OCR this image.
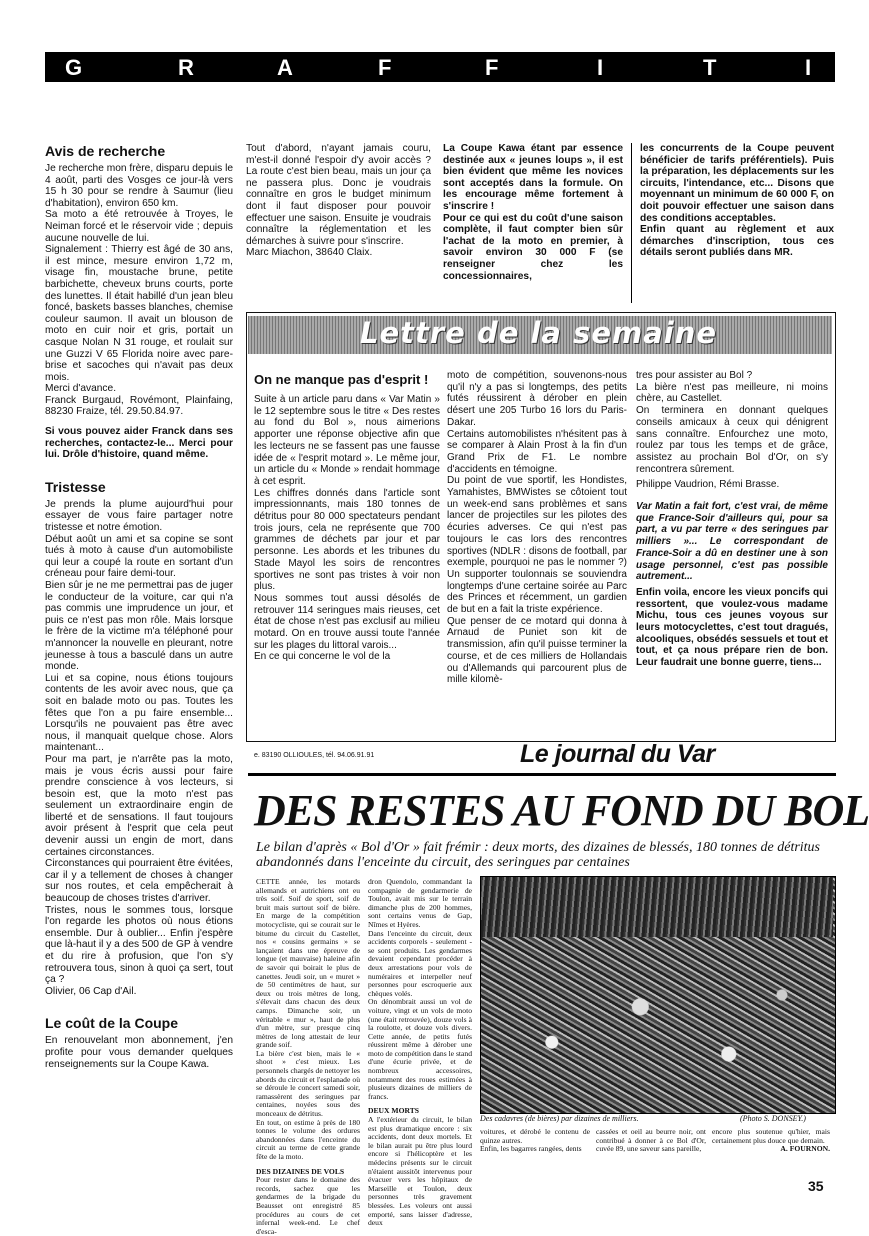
G	R	A	F	F	I	T	I
Avis de recherche

Je recherche mon frère, disparu depuis le 4 août, parti des Vosges ce jour-là vers 15 h 30 pour se rendre à Saumur (lieu d'habitation), environ 650 km.

Sa moto a été retrouvée à Troyes, le Neiman forcé et le réservoir vide ; depuis aucune nouvelle de lui.

Signalement : Thierry est âgé de 30 ans, il est mince, mesure environ 1,72 m, visage fin, moustache brune, petite barbichette, cheveux bruns courts, porte des lunettes. Il était habillé d'un jean bleu foncé, baskets basses blanches, chemise couleur saumon. Il avait un blouson de moto en cuir noir et gris, portait un casque Nolan N 31 rouge, et roulait sur une Guzzi V 65 Florida noire avec pare-brise et sacoches qui n'avait pas deux mois.

Merci d'avance.

Franck Burgaud, Rovémont, Plainfaing, 88230 Fraize, tél. 29.50.84.97.

Si vous pouvez aider Franck dans ses recherches, contactez-le... Merci pour lui. Drôle d'histoire, quand même.

Tristesse

Je prends la plume aujourd'hui pour essayer de vous faire partager notre tristesse et notre émotion.

Début août un ami et sa copine se sont tués à moto à cause d'un automobiliste qui leur a coupé la route en sortant d'un créneau pour faire demi-tour.

Bien sûr je ne me permettrai pas de juger le conducteur de la voiture, car qui n'a pas commis une imprudence un jour, et puis ce n'est pas mon rôle. Mais lorsque le frère de la victime m'a téléphoné pour m'annoncer la nouvelle en pleurant, notre jeunesse à tous a basculé dans un autre monde.

Lui et sa copine, nous étions toujours contents de les avoir avec nous, que ça soit en balade moto ou pas. Toutes les fêtes que l'on a pu faire ensemble... Lorsqu'ils ne pouvaient pas être avec nous, il manquait quelque chose. Alors maintenant...

Pour ma part, je n'arrête pas la moto, mais je vous écris aussi pour faire prendre conscience à vos lecteurs, si besoin est, que la moto n'est pas seulement un extraordinaire engin de liberté et de sensations. Il faut toujours avoir présent à l'esprit que cela peut devenir aussi un engin de mort, dans certaines circonstances.

Circonstances qui pourraient être évitées, car il y a tellement de choses à changer sur nos routes, et cela empêcherait à beaucoup de choses tristes d'arriver.

Tristes, nous le sommes tous, lorsque l'on regarde les photos où nous étions ensemble. Dur à oublier... Enfin j'espère que là-haut il y a des 500 de GP à vendre et du rire à profusion, que l'on s'y retrouvera tous, sinon à quoi ça sert, tout ça ?

Olivier, 06 Cap d'Ail.

Le coût de la Coupe

En renouvelant mon abonnement, j'en profite pour vous demander quelques renseignements sur la Coupe Kawa.

Tout d'abord, n'ayant jamais couru, m'est-il donné l'espoir d'y avoir accès ? La route c'est bien beau, mais un jour ça ne passera plus. Donc je voudrais connaître en gros le budget minimum dont il faut disposer pour pouvoir effectuer une saison. Ensuite je voudrais connaître la réglementation et les démarches à suivre pour s'inscrire.

Marc Miachon, 38640 Claix.

La Coupe Kawa étant par essence destinée aux « jeunes loups », il est bien évident que même les novices sont acceptés dans la formule. On les encourage même fortement à s'inscrire !

Pour ce qui est du coût d'une saison complète, il faut compter bien sûr l'achat de la moto en premier, à savoir environ 30 000 F (se renseigner chez les concessionnaires,

les concurrents de la Coupe peuvent bénéficier de tarifs préférentiels). Puis la préparation, les déplacements sur les circuits, l'intendance, etc... Disons que moyennant un minimum de 60 000 F, on doit pouvoir effectuer une saison dans des conditions acceptables.

Enfin quant au règlement et aux démarches d'inscription, tous ces détails seront publiés dans MR.

Lettre de la semaine
On ne manque pas d'esprit !

Suite à un article paru dans « Var Matin » le 12 septembre sous le titre « Des restes au fond du Bol », nous aimerions apporter une réponse objective afin que les lecteurs ne se fassent pas une fausse idée de « l'esprit motard ». Le même jour, un article du « Monde » rendait hommage à cet esprit.

Les chiffres donnés dans l'article sont impressionnants, mais 180 tonnes de détritus pour 80 000 spectateurs pendant trois jours, cela ne représente que 700 grammes de déchets par jour et par personne. Les abords et les tribunes du Stade Mayol les soirs de rencontres sportives ne sont pas tristes à voir non plus.

Nous sommes tout aussi désolés de retrouver 114 seringues mais rieuses, cet état de chose n'est pas exclusif au milieu motard. On en trouve aussi toute l'année sur les plages du littoral varois...

En ce qui concerne le vol de la

moto de compétition, souvenons-nous qu'il n'y a pas si longtemps, des petits futés réussirent à dérober en plein désert une 205 Turbo 16 lors du Paris-Dakar.

Certains automobilistes n'hésitent pas à se comparer à Alain Prost à la fin d'un Grand Prix de F1. Le nombre d'accidents en témoigne.

Du point de vue sportif, les Hondistes, Yamahistes, BMWistes se côtoient tout un week-end sans problèmes et sans lancer de projectiles sur les pilotes des écuries adverses. Ce qui n'est pas toujours le cas lors des rencontres sportives (NDLR : disons de football, par exemple, pourquoi ne pas le nommer ?) Un supporter toulonnais se souviendra longtemps d'une certaine soirée au Parc des Princes et récemment, un gardien de but en a fait la triste expérience.

Que penser de ce motard qui donna à Arnaud de Puniet son kit de transmission, afin qu'il puisse terminer la course, et de ces milliers de Hollandais ou d'Allemands qui parcourent plus de mille kilomè-

tres pour assister au Bol ?

La bière n'est pas meilleure, ni moins chère, au Castellet.

On terminera en donnant quelques conseils amicaux à ceux qui dénigrent sans connaître. Enfourchez une moto, roulez par tous les temps et de grâce, assistez au prochain Bol d'Or, on s'y rencontrera sûrement.

Philippe Vaudrion, Rémi Brasse.

Var Matin a fait fort, c'est vrai, de même que France-Soir d'ailleurs qui, pour sa part, a vu par terre « des seringues par milliers »... Le correspondant de France-Soir a dû en destiner une à son usage personnel, c'est pas possible autrement...

Enfin voila, encore les vieux poncifs qui ressortent, que voulez-vous madame Michu, tous ces jeunes voyous sur leurs motocyclettes, c'est tout dragués, alcooliques, obsédés sessuels et tout et tout, et ça nous prépare rien de bon. Leur faudrait une bonne guerre, tiens...

e. 83190 OLLIOULES, tél. 94.06.91.91	Le journal du Var
DES RESTES AU FOND DU BOL
Le bilan d'après « Bol d'Or » fait frémir : deux morts, des dizaines de blessés, 180 tonnes de détritus abandonnés dans l'enceinte du circuit, des seringues par centaines

CETTE année, les motards allemands et autrichiens ont eu très soif. Soif de sport, soif de bruit mais surtout soif de bière. En marge de la compétition motocycliste, qui se courait sur le bitume du circuit du Castellet, nos « cousins germains » se lançaient dans une épreuve de longue (et mauvaise) haleine afin de savoir qui boirait le plus de canettes. Jeudi soir, un « muret » de 50 centimètres de haut, sur deux ou trois mètres de long, s'élevait dans chacun des deux camps. Dimanche soir, un véritable « mur », haut de plus d'un mètre, sur presque cinq mètres de long attestait de leur grande soif.

La bière c'est bien, mais le « shoot » c'est mieux. Les personnels chargés de nettoyer les abords du circuit et l'esplanade où se déroule le concert samedi soir, ramassèrent des seringues par centaines, noyées sous des monceaux de détritus.

En tout, on estime à près de 180 tonnes le volume des ordures abandonnées dans l'enceinte du circuit au terme de cette grande fête de la moto.

DES DIZAINES DE VOLS

Pour rester dans le domaine des records, sachez que les gendarmes de la brigade du Beausset ont enregistré 85 procédures au cours de cet infernal week-end. Le chef d'esca-

dron Quendolo, commandant la compagnie de gendarmerie de Toulon, avait mis sur le terrain dimanche plus de 200 hommes, sont certains venus de Gap, Nîmes et Hyères.

Dans l'enceinte du circuit, deux accidents corporels - seulement - se sont produits. Les gendarmes devaient cependant procéder à deux arrestations pour vols de numéraires et interpeller neuf personnes pour escroquerie aux chèques volés.

On dénombrait aussi un vol de voiture, vingt et un vols de moto (une était retrouvée), douze vols à la roulotte, et douze vols divers. Cette année, de petits futés réussirent même à dérober une moto de compétition dans le stand d'une écurie privée, et de nombreux accessoires, notamment des roues estimées à plusieurs dizaines de milliers de francs.

DEUX MORTS

A l'extérieur du circuit, le bilan est plus dramatique encore : six accidents, dont deux mortels. Et le bilan aurait pu être plus lourd encore si l'hélicoptère et les médecins présents sur le circuit n'étaient aussitôt intervenus pour évacuer vers les hôpitaux de Marseille et Toulon, deux personnes très gravement blessées. Les voleurs ont aussi emporté, sans laisser d'adresse, deux

Des cadavres (de bières) par dizaines de milliers.	(Photo S. DONSEY.)

voitures, et dérobé le contenu de quinze autres.

Enfin, les bagarres rangées, dents

cassées et oeil au beurre noir, ont contribué à donner à ce Bol d'Or, cuvée 89, une saveur sans pareille,

encore plus soutenue qu'hier, mais certainement plus douce que demain.

A. FOURNON.

35
